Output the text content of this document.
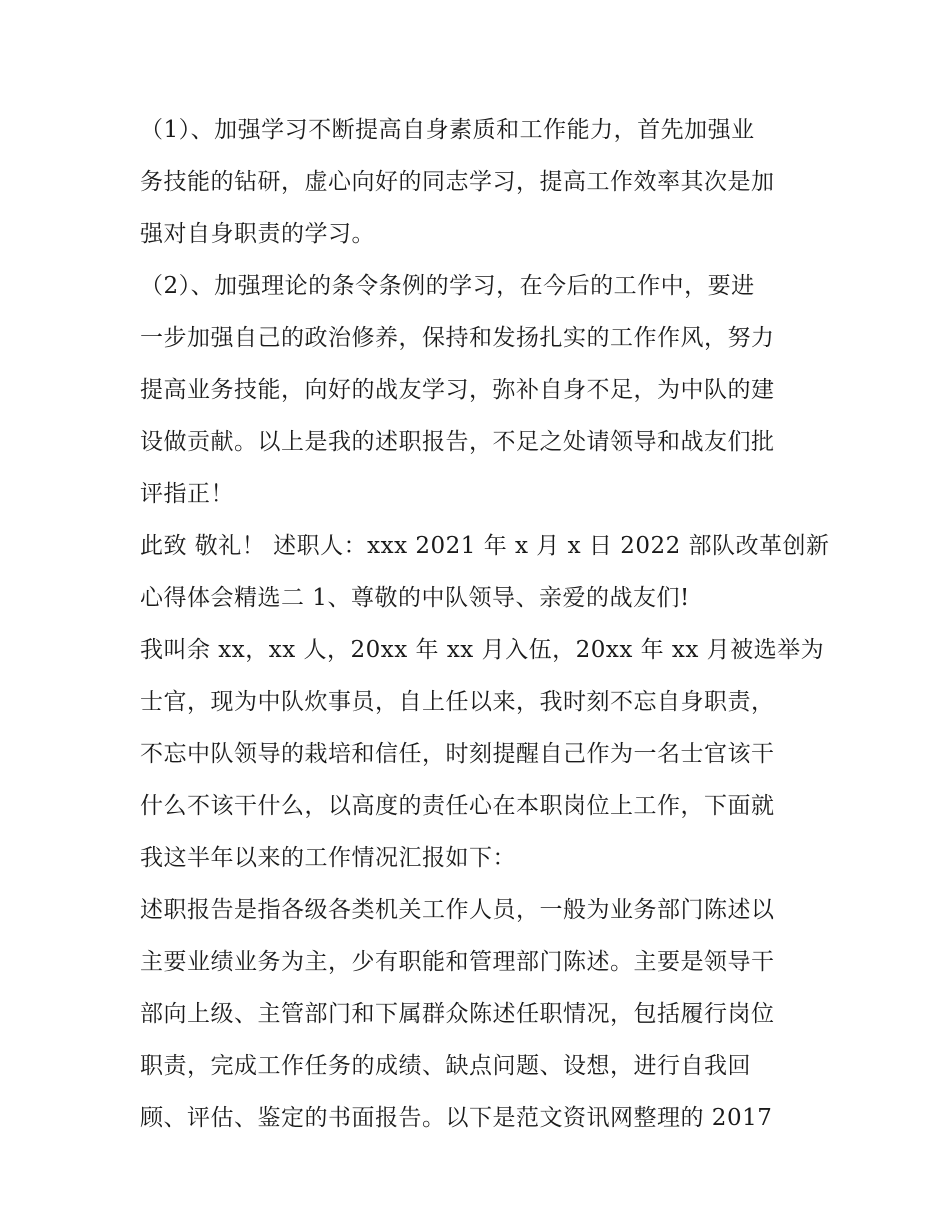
（1）、加强学习不断提高自身素质和工作能力，首先加强业
务技能的钻研，虚心向好的同志学习，提高工作效率其次是加
强对自身职责的学习。

（2）、加强理论的条令条例的学习，在今后的工作中，要进
一步加强自己的政治修养，保持和发扬扎实的工作作风，努力
提高业务技能，向好的战友学习，弥补自身不足，为中队的建
设做贡献。以上是我的述职报告，不足之处请领导和战友们批
评指正！

此致 敬礼！ 述职人：xxx 2021 年 x 月 x 日 2022 部队改革创新
心得体会精选二 1、尊敬的中队领导、亲爱的战友们!

我叫余 xx，xx 人，20xx 年 xx 月入伍，20xx 年 xx 月被选举为
士官，现为中队炊事员，自上任以来，我时刻不忘自身职责，
不忘中队领导的栽培和信任，时刻提醒自己作为一名士官该干
什么不该干什么，以高度的责任心在本职岗位上工作，下面就
我这半年以来的工作情况汇报如下：

述职报告是指各级各类机关工作人员，一般为业务部门陈述以
主要业绩业务为主，少有职能和管理部门陈述。主要是领导干
部向上级、主管部门和下属群众陈述任职情况，包括履行岗位
职责，完成工作任务的成绩、缺点问题、设想，进行自我回
顾、评估、鉴定的书面报告。以下是范文资讯网整理的 2017
